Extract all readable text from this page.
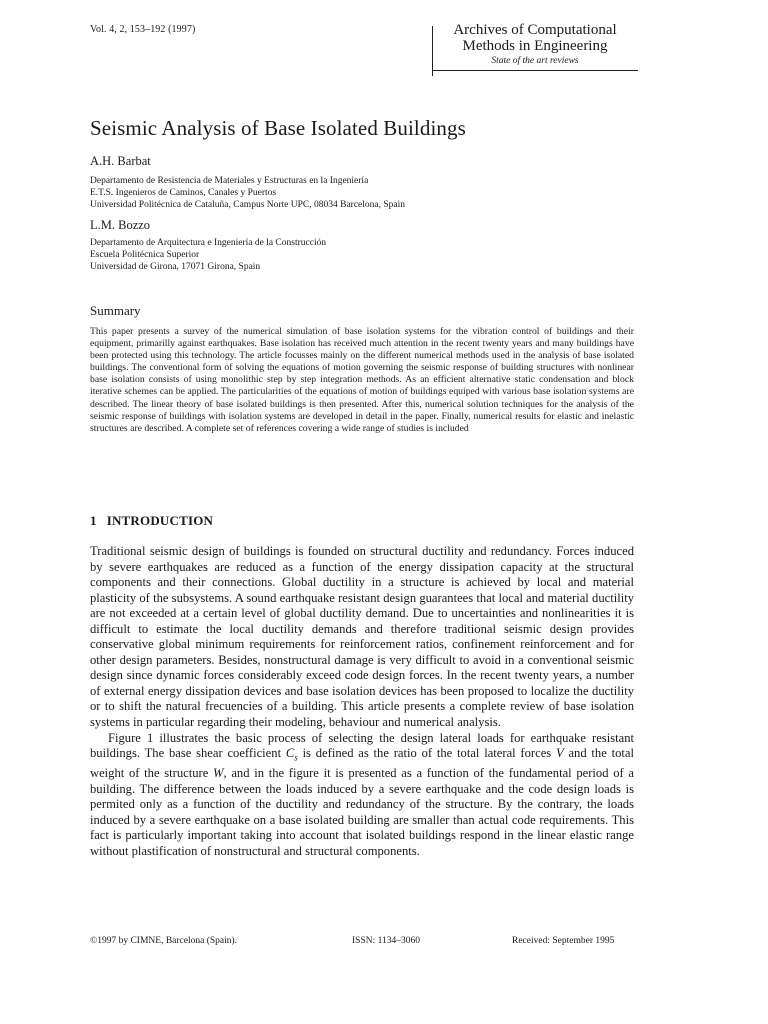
Vol. 4, 2, 153–192 (1997)	Archives of Computational
Methods in Engineering
State of the art reviews
Seismic Analysis of Base Isolated Buildings
A.H. Barbat
Departamento de Resistencia de Materiales y Estructuras en la Ingeniería
E.T.S. Ingenieros de Caminos, Canales y Puertos
Universidad Politécnica de Cataluña, Campus Norte UPC, 08034 Barcelona, Spain
L.M. Bozzo
Departamento de Arquitectura e Ingeniería de la Construcción
Escuela Politécnica Superior
Universidad de Girona, 17071 Girona, Spain
Summary
This paper presents a survey of the numerical simulation of base isolation systems for the vibration control of buildings and their equipment, primarilly against earthquakes. Base isolation has received much attention in the recent twenty years and many buildings have been protected using this technology. The article focusses mainly on the different numerical methods used in the analysis of base isolated buildings. The conventional form of solving the equations of motion governing the seismic response of building structures with nonlinear base isolation consists of using monolithic step by step integration methods. As an efficient alternative static condensation and block iterative schemes can be applied. The particularities of the equations of motion of buildings equiped with various base isolation systems are described. The linear theory of base isolated buildings is then presented. After this, numerical solution techniques for the analysis of the seismic response of buildings with isolation systems are developed in detail in the paper. Finally, numerical results for elastic and inelastic structures are described. A complete set of references covering a wide range of studies is included
1 INTRODUCTION

Traditional seismic design of buildings is founded on structural ductility and redundancy. Forces induced by severe earthquakes are reduced as a function of the energy dissipation capacity at the structural components and their connections. Global ductility in a structure is achieved by local and material plasticity of the subsystems. A sound earthquake resistant design guarantees that local and material ductility are not exceeded at a certain level of global ductility demand. Due to uncertainties and nonlinearities it is difficult to estimate the local ductility demands and therefore traditional seismic design provides conservative global minimum requirements for reinforcement ratios, confinement reinforcement and for other design parameters. Besides, nonstructural damage is very difficult to avoid in a conventional seismic design since dynamic forces considerably exceed code design forces. In the recent twenty years, a number of external energy dissipation devices and base isolation devices has been proposed to localize the ductility or to shift the natural frecuencies of a building. This article presents a complete review of base isolation systems in particular regarding their modeling, behaviour and numerical analysis.

Figure 1 illustrates the basic process of selecting the design lateral loads for earthquake resistant buildings. The base shear coefficient $C_s$ is defined as the ratio of the total lateral forces V and the total weight of the structure W, and in the figure it is presented as a function of the fundamental period of a building. The difference between the loads induced by a severe earthquake and the code design loads is permited only as a function of the ductility and redundancy of the structure. By the contrary, the loads induced by a severe earthquake on a base isolated building are smaller than actual code requirements. This fact is particularly important taking into account that isolated buildings respond in the linear elastic range without plastification of nonstructural and structural components.

©1997 by CIMNE, Barcelona (Spain).	ISSN: 1134–3060	Received: September 1995
